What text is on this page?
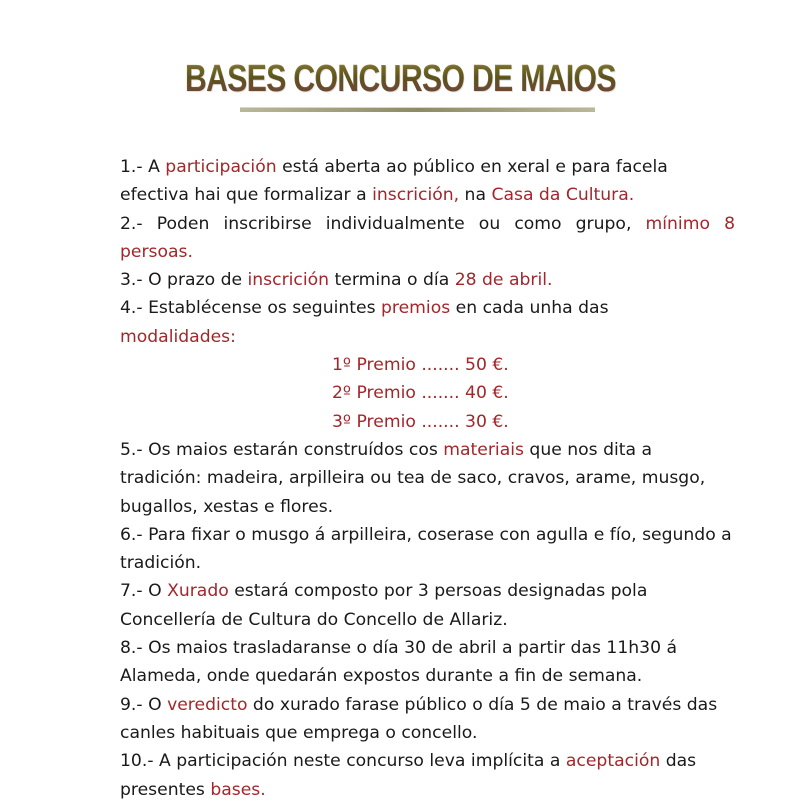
BASES CONCURSO DE MAIOS

1.- A participación está aberta ao público en xeral e para facela efectiva hai que formalizar a inscrición, na Casa da Cultura.

2.- Poden inscribirse individualmente ou como grupo, mínimo 8 persoas.

3.- O prazo de inscrición termina o día 28 de abril.

4.- Establécense os seguintes premios en cada unha das
modalidades:

1º Premio ....... 50 €.

2º Premio ....... 40 €.

3º Premio ....... 30 €.

5.- Os maios estarán construídos cos materiais que nos dita a tradición: madeira, arpilleira ou tea de saco, cravos, arame, musgo, bugallos, xestas e flores.

6.- Para fixar o musgo á arpilleira, coserase con agulla e fío, segundo a tradición.

7.- O Xurado estará composto por 3 persoas designadas pola Concellería de Cultura do Concello de Allariz.

8.- Os maios trasladaranse o día 30 de abril a partir das 11h30 á Alameda, onde quedarán expostos durante a fin de semana.

9.- O veredicto do xurado farase público o día 5 de maio a través das canles habituais que emprega o concello.

10.- A participación neste concurso leva implícita a aceptación das presentes bases.
